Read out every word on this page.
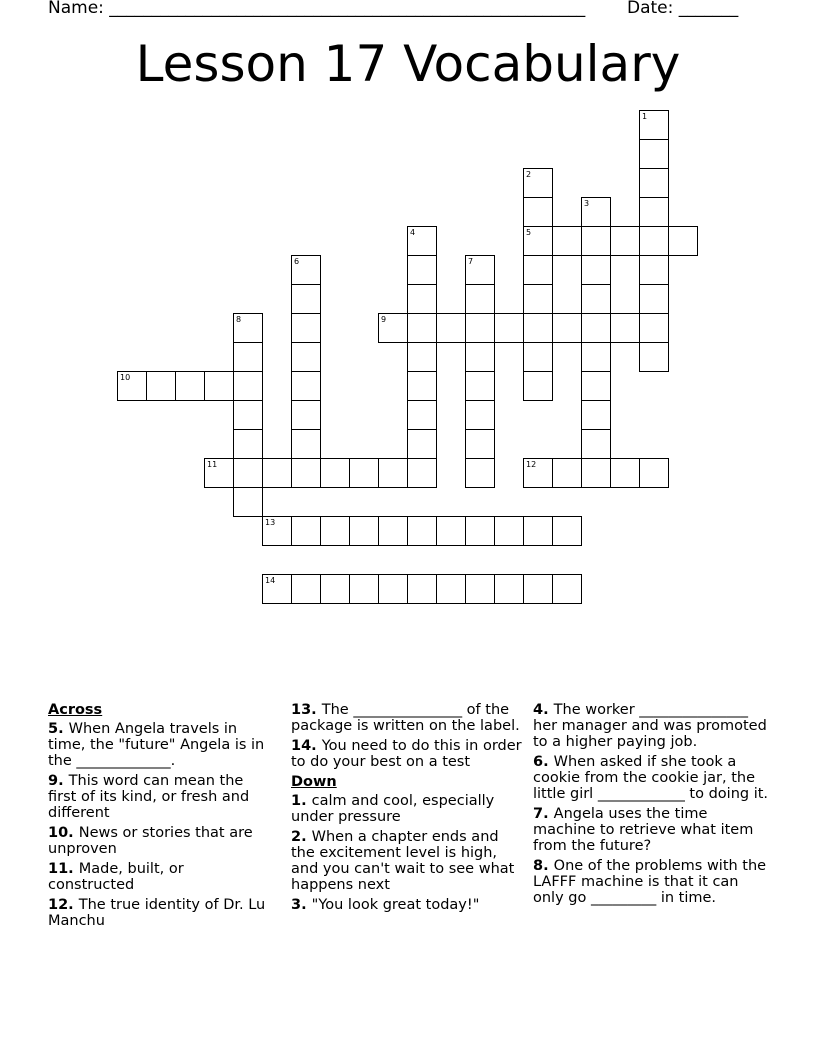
Name: ________________________________________________________ Date: _______
Lesson 17 Vocabulary
1
2
5
3
4
6	7
8	9
10
11	12
13
14
Across
5. When Angela travels in time, the "future" Angela is in the _____________.
9. This word can mean the first of its kind, or fresh and different
10. News or stories that are unproven
11. Made, built, or constructed
12. The true identity of Dr. Lu Manchu
13. The _______________ of the package is written on the label.
14. You need to do this in order to do your best on a test
Down
1. calm and cool, especially under pressure
2. When a chapter ends and the excitement level is high, and you can't wait to see what happens next
3. "You look great today!"
4. The worker _______________ her manager and was promoted to a higher paying job.
6. When asked if she took a cookie from the cookie jar, the little girl ____________ to doing it.
7. Angela uses the time machine to retrieve what item from the future?
8. One of the problems with the LAFFF machine is that it can only go _________ in time.
